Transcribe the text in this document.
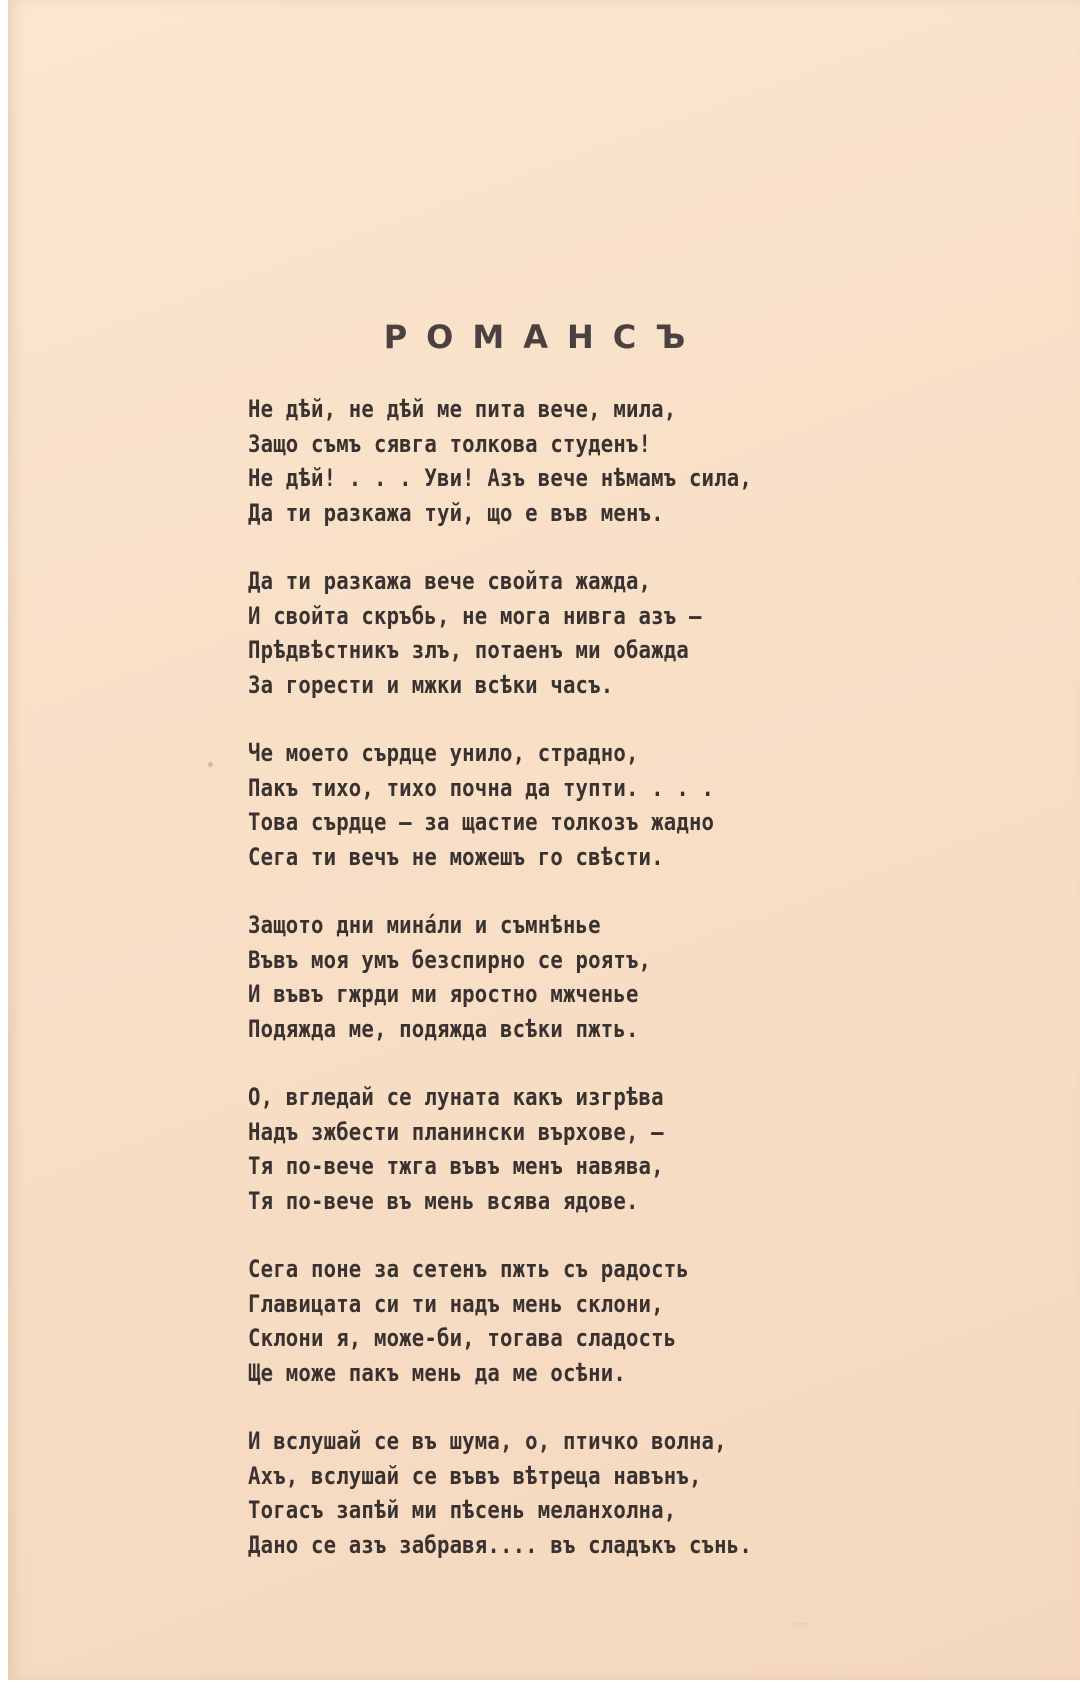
РОМАНСЪ
Не дѣй, не дѣй ме пита вече, мила,
Защо съмъ сявга толкова студенъ!
Не дѣй! . . . Уви! Азъ вече нѣмамъ сила,
Да ти разкажа туй, що е във менъ.
Да ти разкажа вече свойта жажда,
И свойта скръбь, не мога нивга азъ —
Прѣдвѣстникъ злъ, потаенъ ми обажда
За горести и мжки всѣки часъ.
Че моето сърдце унило, страдно,
Пакъ тихо, тихо почна да тупти. . . .
Това сърдце — за щастие толкозъ жадно
Сега ти вечъ не можешъ го свѣсти.
Защото дни минáли и съмнѣнье
Въвъ моя умъ безспирно се роятъ,
И въвъ гжрди ми яростно мжченье
Подяжда ме, подяжда всѣки пжть.
О, вгледай се луната какъ изгрѣва
Надъ зжбести планински върхове, —
Тя по-вече тжга въвъ менъ навява,
Тя по-вече въ мень всява ядове.
Сега поне за сетенъ пжть съ радость
Главицата си ти надъ мень склони,
Склони я, може-би, тогава сладость
Ще може пакъ мень да ме осѣни.
И вслушай се въ шума, о, птичко волна,
Ахъ, вслушай се въвъ вѣтреца навънъ,
Тогасъ запѣй ми пѣсень меланхолна,
Дано се азъ забравя.... въ сладъкъ сънь.
